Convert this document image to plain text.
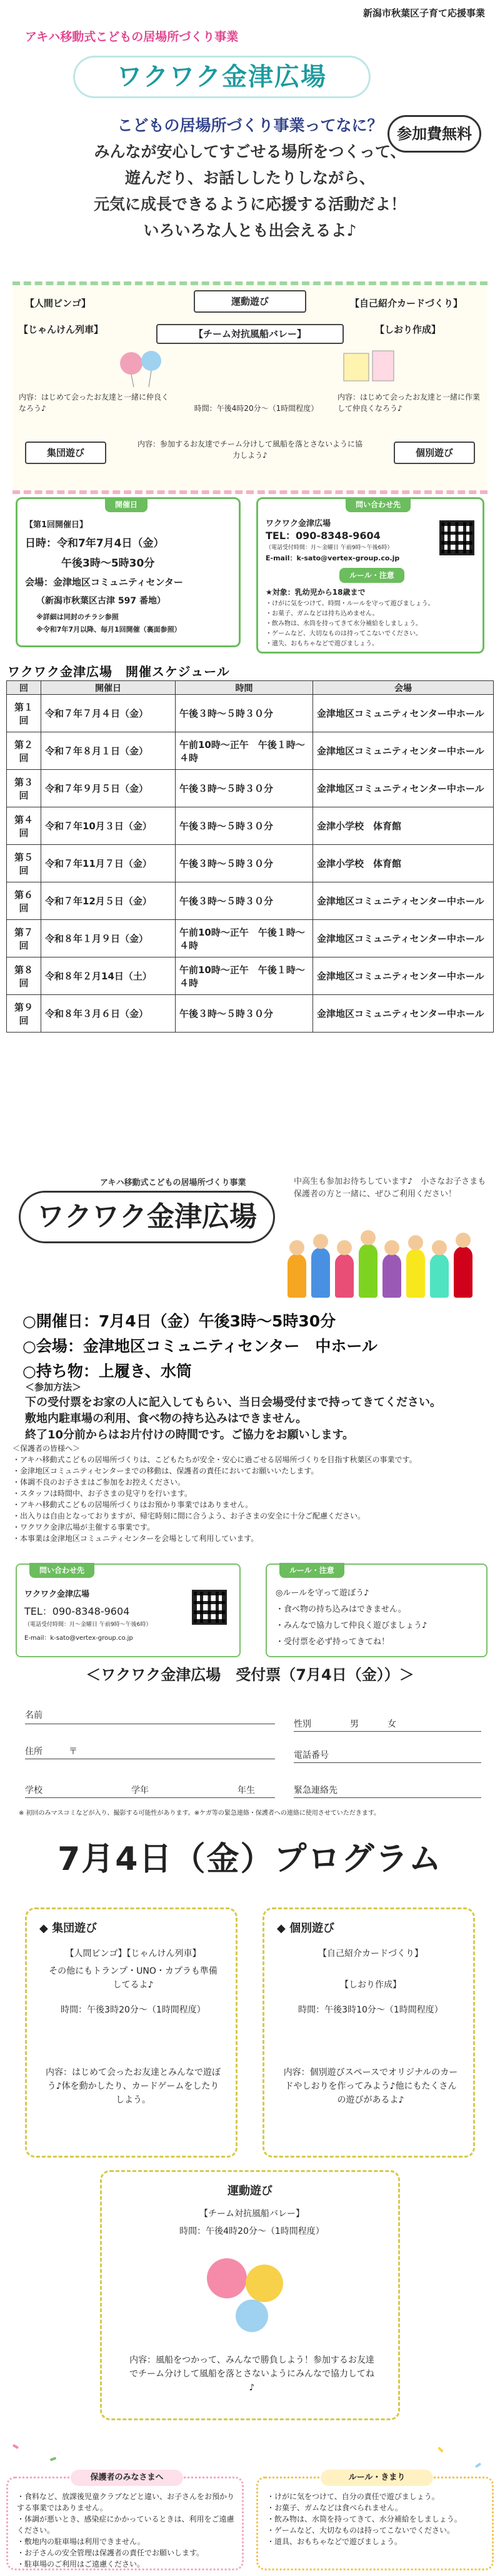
新潟市秋葉区子育て応援事業
アキハ移動式こどもの居場所づくり事業
ワクワク金津広場
参加費無料
こどもの居場所づくり事業ってなに？
みんなが安心してすごせる場所をつくって、
遊んだり、お話ししたりしながら、
元気に成長できるように応援する活動だよ！
いろいろな人とも出会えるよ♪
【人間ビンゴ】
【じゃんけん列車】
運動遊び
【チーム対抗風船バレー】
【自己紹介カードづくり】
【しおり作成】
内容：はじめて会ったお友達と一緒に仲良くなろう♪	時間：午後4時20分～（1時間程度）
内容：はじめて会ったお友達と一緒に作業して仲良くなろう♪
集団遊び
内容：参加するお友達でチーム分けして風船を落とさないように協力しよう♪	個別遊び
開催日
【第1回開催日】
日時：令和7年7月4日（金）
午後3時～5時30分
会場：金津地区コミュニティセンター
（新潟市秋葉区古津 597 番地）
※詳細は同封のチラシ参照
※令和7年7月以降、毎月1回開催（裏面参照）
問い合わせ先
ワクワク金津広場
TEL：090-8348-9604
（電話受付時間：月～金曜日 午前9時～午後6時）
E-mail：k-sato@vertex-group.co.jp
ルール・注意
★対象：乳幼児から18歳まで
・けがに気をつけて、時間・ルールを守って遊びましょう。
・お菓子、ガムなどは持ち込めません。
・飲み物は、水筒を持ってきて水分補給をしましょう。
・ゲームなど、大切なものは持ってこないでください。
・遺失、おもちゃなどで遊びましょう。
ワクワク金津広場　開催スケジュール
回	開催日	時間	会場
第１回	令和７年７月４日（金）	午後３時～５時３０分	金津地区コミュニティセンター中ホール
第２回	令和７年８月１日（金）	午前10時～正午　午後１時～４時	金津地区コミュニティセンター中ホール
第３回	令和７年９月５日（金）	午後３時～５時３０分	金津地区コミュニティセンター中ホール
第４回	令和７年10月３日（金）	午後３時～５時３０分	金津小学校　体育館
第５回	令和７年11月７日（金）	午後３時～５時３０分	金津小学校　体育館
第６回	令和７年12月５日（金）	午後３時～５時３０分	金津地区コミュニティセンター中ホール
第７回	令和８年１月９日（金）	午前10時～正午　午後１時～４時	金津地区コミュニティセンター中ホール
第８回	令和８年２月14日（土）	午前10時～正午　午後１時～４時	金津地区コミュニティセンター中ホール
第９回	令和８年３月６日（金）	午後３時～５時３０分	金津地区コミュニティセンター中ホール
アキハ移動式こどもの居場所づくり事業
ワクワク金津広場
中高生も参加お待ちしています♪　小さなお子さまも保護者の方と一緒に、ぜひご利用ください！
○開催日：7月4日（金）午後3時～5時30分
○会場：金津地区コミュニティセンター　中ホール
○持ち物：上履き、水筒
＜参加方法＞
下の受付票をお家の人に記入してもらい、当日会場受付まで持ってきてください。
敷地内駐車場の利用、食べ物の持ち込みはできません。
終了10分前からはお片付けの時間です。ご協力をお願いします。

＜保護者の皆様へ＞

・アキハ移動式こどもの居場所づくりは、こどもたちが安全・安心に過ごせる居場所づくりを目指す秋葉区の事業です。

・金津地区コミュニティセンターまでの移動は、保護者の責任においてお願いいたします。

・体調不良のお子さまはご参加をお控えください。

・スタッフは時間中、お子さまの見守りを行います。

・アキハ移動式こどもの居場所づくりはお預かり事業ではありません。

・出入りは自由となっておりますが、帰宅時刻に間に合うよう、お子さまの安全に十分ご配慮ください。

・ワクワク金津広場が主催する事業です。

・本事業は金津地区コミュニティセンターを会場として利用しています。

問い合わせ先
ワクワク金津広場
TEL：090-8348-9604
（電話受付時間：月～金曜日 午前9時～午後6時）
E-mail：k-sato@vertex-group.co.jp
ルール・注意
◎ルールを守って遊ぼう♪
・食べ物の持ち込みはできません。
・みんなで協力して仲良く遊びましょう♪
・受付票を必ず持ってきてね！
＜ワクワク金津広場　受付票（7月4日（金））＞
名前
性別	男	女
住所	〒	電話番号
学校	学年	年生	緊急連絡先
※ 初回のみマスコミなどが入り、撮影する可能性があります。※ケガ等の緊急連絡・保護者への連絡に使用させていただきます。
7月4日（金）プログラム
◆ 集団遊び
【人間ビンゴ】【じゃんけん列車】
その他にもトランプ・UNO・カプラも準備してるよ♪
時間：午後3時20分～（1時間程度）
内容：はじめて会ったお友達とみんなで遊ぼう♪体を動かしたり、カードゲームをしたりしよう。
◆ 個別遊び
【自己紹介カードづくり】
【しおり作成】
時間：午後3時10分～（1時間程度）
内容：個別遊びスペースでオリジナルのカードやしおりを作ってみよう♪他にもたくさんの遊びがあるよ♪
運動遊び
【チーム対抗風船バレー】
時間：午後4時20分～（1時間程度）
内容：風船をつかって、みんなで勝負しよう！参加するお友達でチーム分けして風船を落とさないようにみんなで協力してね♪
保護者のみなさまへ
・食料など、放課後児童クラブなどと違い、お子さんをお預かりする事業ではありません。
・体調が悪いとき、感染症にかかっているときは、利用をご遠慮ください。
・敷地内の駐車場は利用できません。
・お子さんの安全管理は保護者の責任でお願いします。
・駐車場のご利用はご遠慮ください。
ルール・きまり
・けがに気をつけて、自分の責任で遊びましょう。
・お菓子、ガムなどは食べられません。
・飲み物は、水筒を持ってきて、水分補給をしましょう。
・ゲームなど、大切なものは持ってこないでください。
・道具、おもちゃなどで遊びましょう。
